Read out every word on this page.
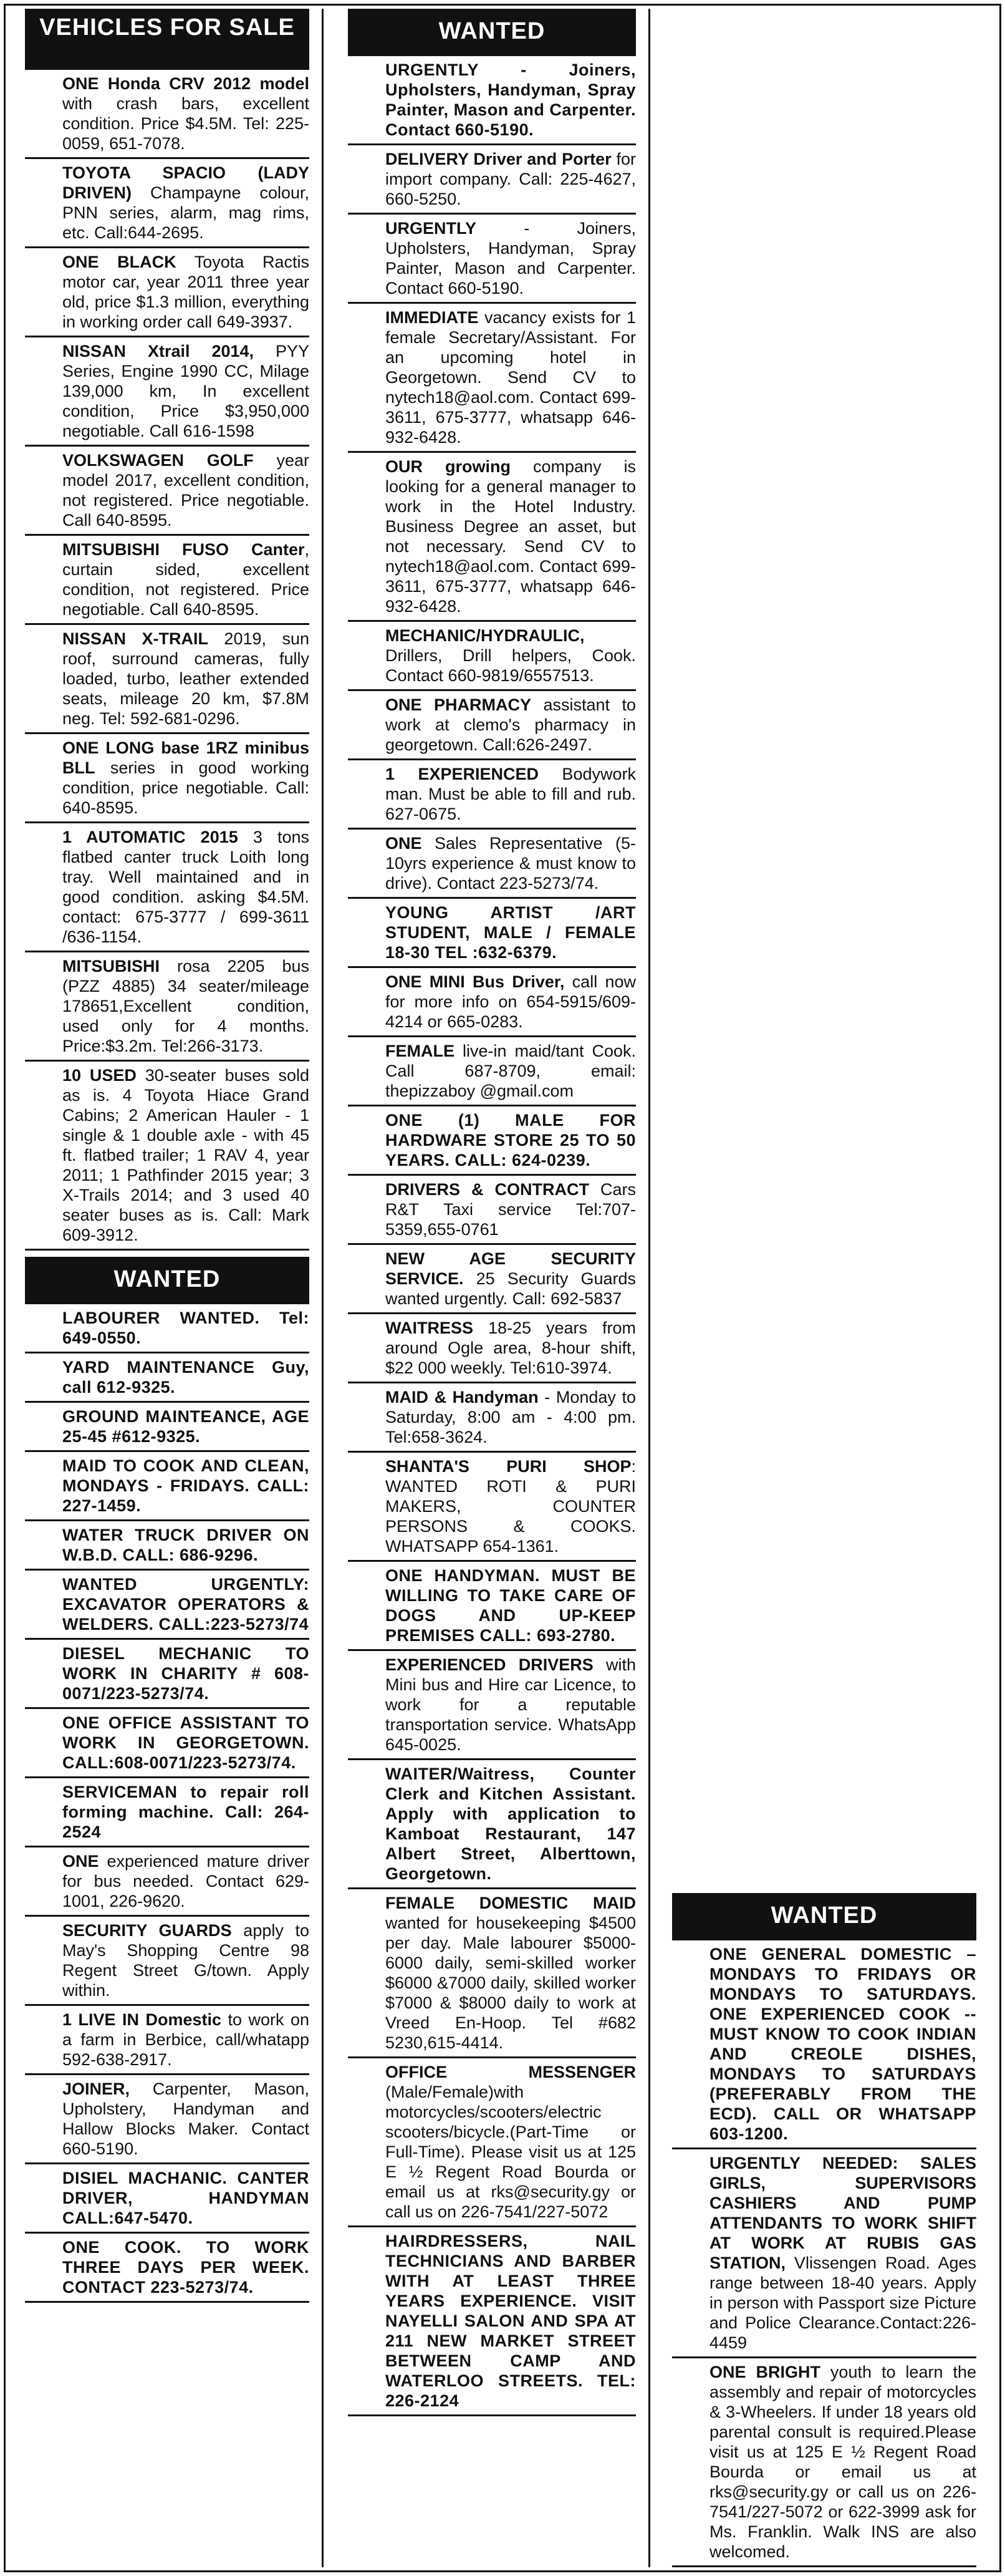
VEHICLES FOR SALE

ONE Honda CRV 2012 model with crash bars, excellent condition. Price $4.5M. Tel: 225-0059, 651-7078.

TOYOTA SPACIO (LADY DRIVEN) Champayne colour, PNN series, alarm, mag rims, etc. Call:644-2695.

ONE BLACK Toyota Ractis motor car, year 2011 three year old, price $1.3 million, everything in working order call 649-3937.

NISSAN Xtrail 2014, PYY Series, Engine 1990 CC, Milage 139,000 km, In excellent condition, Price $3,950,000 negotiable. Call 616-1598

VOLKSWAGEN GOLF year model 2017, excellent condition, not registered. Price negotiable. Call 640-8595.

MITSUBISHI FUSO Canter, curtain sided, excellent condition, not registered. Price negotiable. Call 640-8595.

NISSAN X-TRAIL 2019, sun roof, surround cameras, fully loaded, turbo, leather extended seats, mileage 20 km, $7.8M neg. Tel: 592-681-0296.

ONE LONG base 1RZ minibus BLL series in good working condition, price negotiable. Call: 640-8595.

1 AUTOMATIC 2015 3 tons flatbed canter truck Loith long tray. Well maintained and in good condition. asking $4.5M. contact: 675-3777 / 699-3611 /636-1154.

MITSUBISHI rosa 2205 bus (PZZ 4885) 34 seater/mileage 178651,Excellent condition, used only for 4 months. Price:$3.2m. Tel:266-3173.

10 USED 30-seater buses sold as is. 4 Toyota Hiace Grand Cabins; 2 American Hauler - 1 single & 1 double axle - with 45 ft. flatbed trailer; 1 RAV 4, year 2011; 1 Pathfinder 2015 year; 3 X-Trails 2014; and 3 used 40 seater buses as is. Call: Mark 609-3912.

WANTED

LABOURER WANTED. Tel: 649-0550.

YARD MAINTENANCE Guy, call 612-9325.

GROUND MAINTEANCE, AGE 25-45 #612-9325.

MAID TO COOK AND CLEAN, MONDAYS - FRIDAYS. CALL: 227-1459.

WATER TRUCK DRIVER ON W.B.D. CALL: 686-9296.

WANTED URGENTLY: EXCAVATOR OPERATORS & WELDERS. CALL:223-5273/74

DIESEL MECHANIC TO WORK IN CHARITY # 608-0071/223-5273/74.

ONE OFFICE ASSISTANT TO WORK IN GEORGETOWN. CALL:608-0071/223-5273/74.

SERVICEMAN to repair roll forming machine. Call: 264-2524

ONE experienced mature driver for bus needed. Contact 629-1001, 226-9620.

SECURITY GUARDS apply to May's Shopping Centre 98 Regent Street G/town. Apply within.

1 LIVE IN Domestic to work on a farm in Berbice, call/whatapp 592-638-2917.

JOINER, Carpenter, Mason, Upholstery, Handyman and Hallow Blocks Maker. Contact 660-5190.

DISIEL MACHANIC. CANTER DRIVER, HANDYMAN CALL:647-5470.

ONE COOK. TO WORK THREE DAYS PER WEEK. CONTACT 223-5273/74.

WANTED

URGENTLY - Joiners, Upholsters, Handyman, Spray Painter, Mason and Carpenter. Contact 660-5190.

DELIVERY Driver and Porter for import company. Call: 225-4627, 660-5250.

URGENTLY - Joiners, Upholsters, Handyman, Spray Painter, Mason and Carpenter. Contact 660-5190.

IMMEDIATE vacancy exists for 1 female Secretary/Assistant. For an upcoming hotel in Georgetown. Send CV to nytech18@aol.com. Contact 699-3611, 675-3777, whatsapp 646-932-6428.

OUR growing company is looking for a general manager to work in the Hotel Industry. Business Degree an asset, but not necessary. Send CV to nytech18@aol.com. Contact 699-3611, 675-3777, whatsapp 646-932-6428.

MECHANIC/HYDRAULIC, Drillers, Drill helpers, Cook. Contact 660-9819/6557513.

ONE PHARMACY assistant to work at clemo's pharmacy in georgetown. Call:626-2497.

1 EXPERIENCED Bodywork man. Must be able to fill and rub. 627-0675.

ONE Sales Representative (5-10yrs experience & must know to drive). Contact 223-5273/74.

YOUNG ARTIST /ART STUDENT, MALE / FEMALE 18-30 TEL :632-6379.

ONE MINI Bus Driver, call now for more info on 654-5915/609-4214 or 665-0283.

FEMALE live-in maid/tant Cook. Call 687-8709, email: thepizzaboy @gmail.com

ONE (1) MALE FOR HARDWARE STORE 25 TO 50 YEARS. CALL: 624-0239.

DRIVERS & CONTRACT Cars R&T Taxi service Tel:707-5359,655-0761

NEW AGE SECURITY SERVICE. 25 Security Guards wanted urgently. Call: 692-5837

WAITRESS 18-25 years from around Ogle area, 8-hour shift, $22 000 weekly. Tel:610-3974.

MAID & Handyman - Monday to Saturday, 8:00 am - 4:00 pm. Tel:658-3624.

SHANTA'S PURI SHOP: WANTED ROTI & PURI MAKERS, COUNTER PERSONS & COOKS. WHATSAPP 654-1361.

ONE HANDYMAN. MUST BE WILLING TO TAKE CARE OF DOGS AND UP-KEEP PREMISES CALL: 693-2780.

EXPERIENCED DRIVERS with Mini bus and Hire car Licence, to work for a reputable transportation service. WhatsApp 645-0025.

WAITER/Waitress, Counter Clerk and Kitchen Assistant. Apply with application to Kamboat Restaurant, 147 Albert Street, Alberttown, Georgetown.

FEMALE DOMESTIC MAID wanted for housekeeping $4500 per day. Male labourer $5000-6000 daily, semi-skilled worker $6000 &7000 daily, skilled worker $7000 & $8000 daily to work at Vreed En-Hoop. Tel #682 5230,615-4414.

OFFICE MESSENGER (Male/Female)with motorcycles/scooters/electric scooters/bicycle.(Part-Time or Full-Time). Please visit us at 125 E ½ Regent Road Bourda or email us at rks@security.gy or call us on 226-7541/227-5072

HAIRDRESSERS, NAIL TECHNICIANS AND BARBER WITH AT LEAST THREE YEARS EXPERIENCE. VISIT NAYELLI SALON AND SPA AT 211 NEW MARKET STREET BETWEEN CAMP AND WATERLOO STREETS. TEL: 226-2124

WANTED

ONE GENERAL DOMESTIC – MONDAYS TO FRIDAYS OR MONDAYS TO SATURDAYS. ONE EXPERIENCED COOK -- MUST KNOW TO COOK INDIAN AND CREOLE DISHES, MONDAYS TO SATURDAYS (PREFERABLY FROM THE ECD). CALL OR WHATSAPP 603-1200.

URGENTLY NEEDED: SALES GIRLS, SUPERVISORS CASHIERS AND PUMP ATTENDANTS TO WORK SHIFT AT WORK AT RUBIS GAS STATION, Vlissengen Road. Ages range between 18-40 years. Apply in person with Passport size Picture and Police Clearance.Contact:226-4459

ONE BRIGHT youth to learn the assembly and repair of motorcycles & 3-Wheelers. If under 18 years old parental consult is required.Please visit us at 125 E ½ Regent Road Bourda or email us at rks@security.gy or call us on 226-7541/227-5072 or 622-3999 ask for Ms. Franklin. Walk INS are also welcomed.
